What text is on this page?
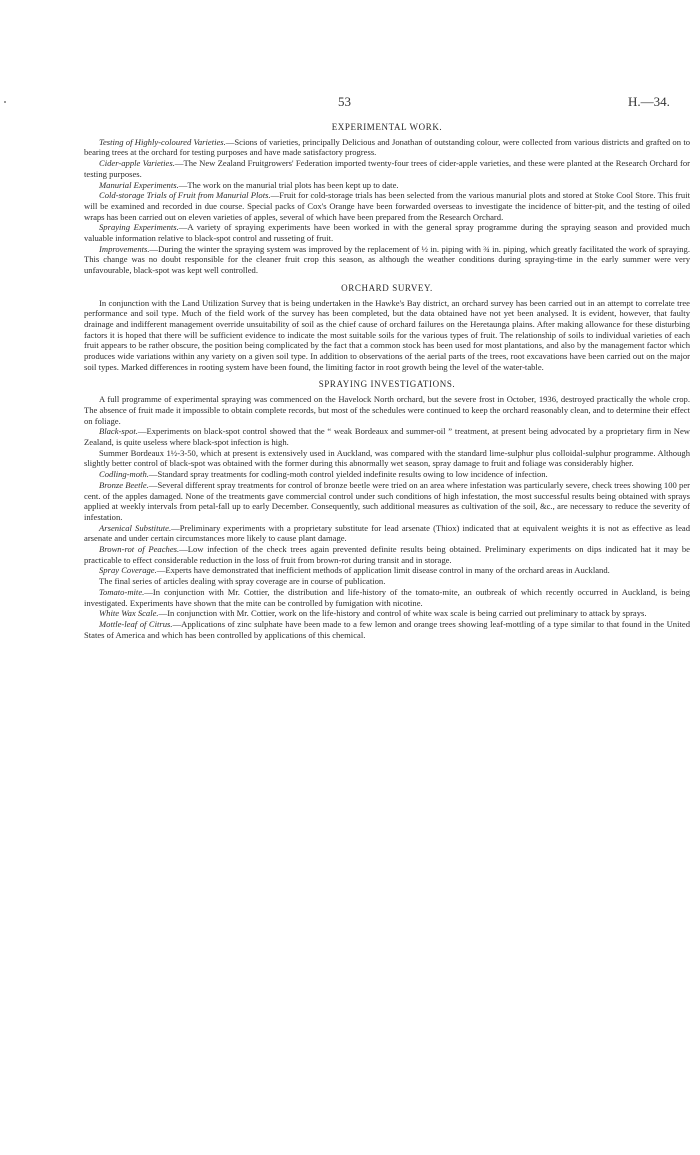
53	H.—34.
EXPERIMENTAL WORK.

Testing of Highly-coloured Varieties.—Scions of varieties, principally Delicious and Jonathan of outstanding colour, were collected from various districts and grafted on to bearing trees at the orchard for testing purposes and have made satisfactory progress.

Cider-apple Varieties.—The New Zealand Fruitgrowers' Federation imported twenty-four trees of cider-apple varieties, and these were planted at the Research Orchard for testing purposes.

Manurial Experiments.—The work on the manurial trial plots has been kept up to date.

Cold-storage Trials of Fruit from Manurial Plots.—Fruit for cold-storage trials has been selected from the various manurial plots and stored at Stoke Cool Store. This fruit will be examined and recorded in due course. Special packs of Cox's Orange have been forwarded overseas to investigate the incidence of bitter-pit, and the testing of oiled wraps has been carried out on eleven varieties of apples, several of which have been prepared from the Research Orchard.

Spraying Experiments.—A variety of spraying experiments have been worked in with the general spray programme during the spraying season and provided much valuable information relative to black-spot control and russeting of fruit.

Improvements.—During the winter the spraying system was improved by the replacement of ½ in. piping with ¾ in. piping, which greatly facilitated the work of spraying. This change was no doubt responsible for the cleaner fruit crop this season, as although the weather conditions during spraying-time in the early summer were very unfavourable, black-spot was kept well controlled.

ORCHARD SURVEY.

In conjunction with the Land Utilization Survey that is being undertaken in the Hawke's Bay district, an orchard survey has been carried out in an attempt to correlate tree performance and soil type. Much of the field work of the survey has been completed, but the data obtained have not yet been analysed. It is evident, however, that faulty drainage and indifferent management override unsuitability of soil as the chief cause of orchard failures on the Heretaunga plains. After making allowance for these disturbing factors it is hoped that there will be sufficient evidence to indicate the most suitable soils for the various types of fruit. The relationship of soils to individual varieties of each fruit appears to be rather obscure, the position being complicated by the fact that a common stock has been used for most plantations, and also by the management factor which produces wide variations within any variety on a given soil type. In addition to observations of the aerial parts of the trees, root excavations have been carried out on the major soil types. Marked differences in rooting system have been found, the limiting factor in root growth being the level of the water-table.

SPRAYING INVESTIGATIONS.

A full programme of experimental spraying was commenced on the Havelock North orchard, but the severe frost in October, 1936, destroyed practically the whole crop. The absence of fruit made it impossible to obtain complete records, but most of the schedules were continued to keep the orchard reasonably clean, and to determine their effect on foliage.

Black-spot.—Experiments on black-spot control showed that the “ weak Bordeaux and summer-oil ” treatment, at present being advocated by a proprietary firm in New Zealand, is quite useless where black-spot infection is high.

Summer Bordeaux 1½-3-50, which at present is extensively used in Auckland, was compared with the standard lime-sulphur plus colloidal-sulphur programme. Although slightly better control of black-spot was obtained with the former during this abnormally wet season, spray damage to fruit and foliage was considerably higher.

Codling-moth.—Standard spray treatments for codling-moth control yielded indefinite results owing to low incidence of infection.

Bronze Beetle.—Several different spray treatments for control of bronze beetle were tried on an area where infestation was particularly severe, check trees showing 100 per cent. of the apples damaged. None of the treatments gave commercial control under such conditions of high infestation, the most successful results being obtained with sprays applied at weekly intervals from petal-fall up to early December. Consequently, such additional measures as cultivation of the soil, &c., are necessary to reduce the severity of infestation.

Arsenical Substitute.—Preliminary experiments with a proprietary substitute for lead arsenate (Thiox) indicated that at equivalent weights it is not as effective as lead arsenate and under certain circumstances more likely to cause plant damage.

Brown-rot of Peaches.—Low infection of the check trees again prevented definite results being obtained. Preliminary experiments on dips indicated hat it may be practicable to effect considerable reduction in the loss of fruit from brown-rot during transit and in storage.

Spray Coverage.—Experts have demonstrated that inefficient methods of application limit disease control in many of the orchard areas in Auckland.

The final series of articles dealing with spray coverage are in course of publication.

Tomato-mite.—In conjunction with Mr. Cottier, the distribution and life-history of the tomato-mite, an outbreak of which recently occurred in Auckland, is being investigated. Experiments have shown that the mite can be controlled by fumigation with nicotine.

White Wax Scale.—In conjunction with Mr. Cottier, work on the life-history and control of white wax scale is being carried out preliminary to attack by sprays.

Mottle-leaf of Citrus.—Applications of zinc sulphate have been made to a few lemon and orange trees showing leaf-mottling of a type similar to that found in the United States of America and which has been controlled by applications of this chemical.
